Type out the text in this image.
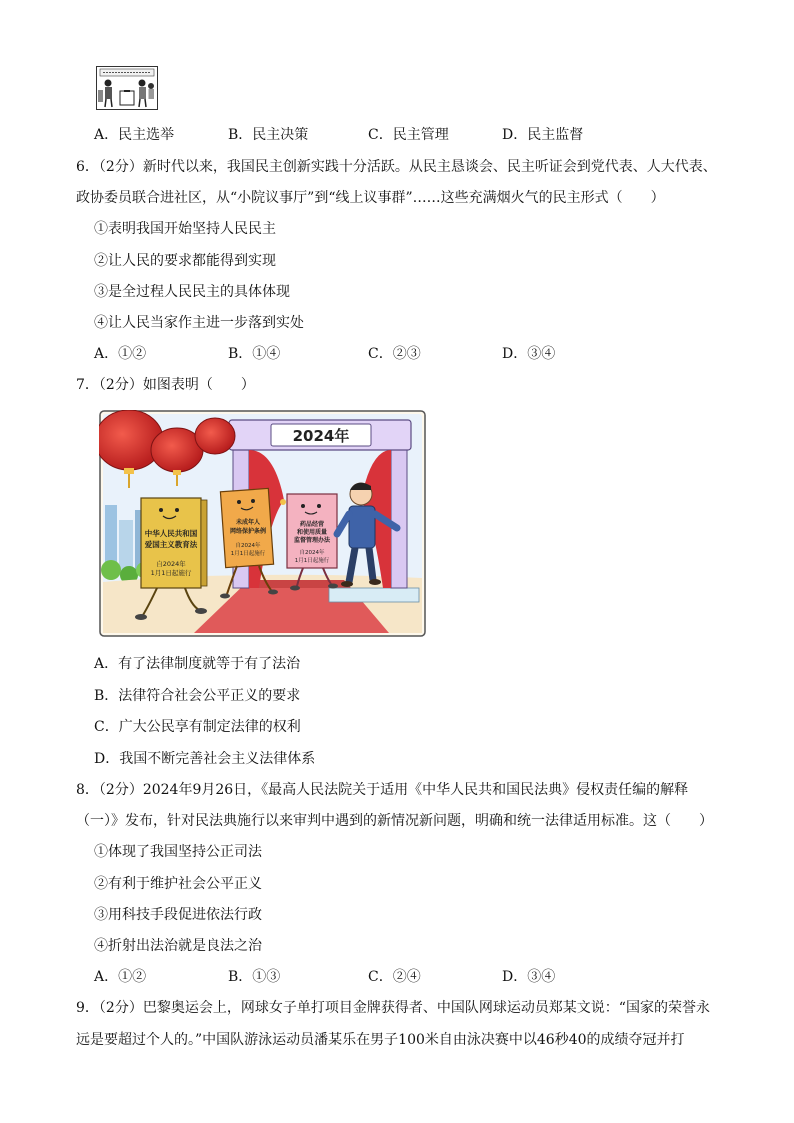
A．民主选举	B．民主决策	C．民主管理	D．民主监督
6．（2分）新时代以来，我国民主创新实践十分活跃。从民主恳谈会、民主听证会到党代表、人大代表、
政协委员联合进社区，从“小院议事厅”到“线上议事群”……这些充满烟火气的民主形式（　　）
①表明我国开始坚持人民民主
②让人民的要求都能得到实现
③是全过程人民民主的具体体现
④让人民当家作主进一步落到实处
A．①②	B．①④	C．②③	D．③④
7．（2分）如图表明（　　）
2024年
中华人民共和国
爱国主义教育法
自2024年
1月1日起施行
未成年人
网络保护条例
自2024年
1月1日起施行
药品经营
和使用质量
监督管理办法
自2024年
1月1日起施行
A．有了法律制度就等于有了法治
B．法律符合社会公平正义的要求
C．广大公民享有制定法律的权利
D．我国不断完善社会主义法律体系
8．（2分）2024年9月26日，《最高人民法院关于适用《中华人民共和国民法典》侵权责任编的解释
（一）》发布，针对民法典施行以来审判中遇到的新情况新问题，明确和统一法律适用标准。这（　　）
①体现了我国坚持公正司法
②有利于维护社会公平正义
③用科技手段促进依法行政
④折射出法治就是良法之治
A．①②	B．①③	C．②④	D．③④
9．（2分）巴黎奥运会上，网球女子单打项目金牌获得者、中国队网球运动员郑某文说：“国家的荣誉永
远是要超过个人的。”中国队游泳运动员潘某乐在男子100米自由泳决赛中以46秒40的成绩夺冠并打
